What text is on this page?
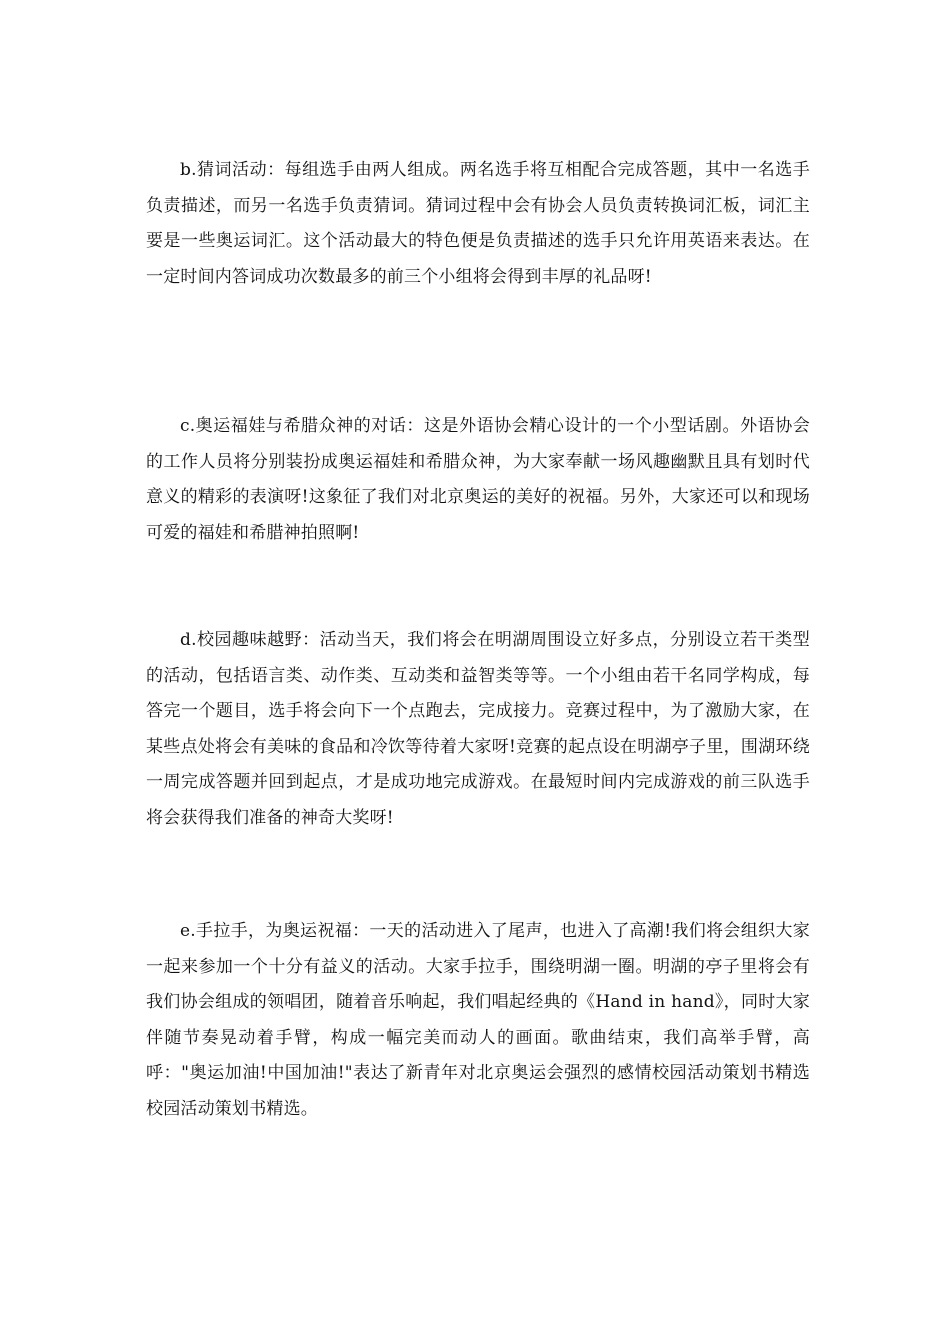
b.猜词活动：每组选手由两人组成。两名选手将互相配合完成答题，其中一名选手负责描述，而另一名选手负责猜词。猜词过程中会有协会人员负责转换词汇板，词汇主要是一些奥运词汇。这个活动最大的特色便是负责描述的选手只允许用英语来表达。在一定时间内答词成功次数最多的前三个小组将会得到丰厚的礼品呀!

c.奥运福娃与希腊众神的对话：这是外语协会精心设计的一个小型话剧。外语协会的工作人员将分别装扮成奥运福娃和希腊众神，为大家奉献一场风趣幽默且具有划时代意义的精彩的表演呀!这象征了我们对北京奥运的美好的祝福。另外，大家还可以和现场可爱的福娃和希腊神拍照啊!

d.校园趣味越野：活动当天，我们将会在明湖周围设立好多点，分别设立若干类型的活动，包括语言类、动作类、互动类和益智类等等。一个小组由若干名同学构成，每答完一个题目，选手将会向下一个点跑去，完成接力。竞赛过程中，为了激励大家，在某些点处将会有美味的食品和冷饮等待着大家呀!竞赛的起点设在明湖亭子里，围湖环绕一周完成答题并回到起点，才是成功地完成游戏。在最短时间内完成游戏的前三队选手将会获得我们准备的神奇大奖呀!

e.手拉手，为奥运祝福：一天的活动进入了尾声，也进入了高潮!我们将会组织大家一起来参加一个十分有益义的活动。大家手拉手，围绕明湖一圈。明湖的亭子里将会有我们协会组成的领唱团，随着音乐响起，我们唱起经典的《Hand in hand》，同时大家伴随节奏晃动着手臂，构成一幅完美而动人的画面。歌曲结束，我们高举手臂，高呼："奥运加油!中国加油!"表达了新青年对北京奥运会强烈的感情校园活动策划书精选校园活动策划书精选。
